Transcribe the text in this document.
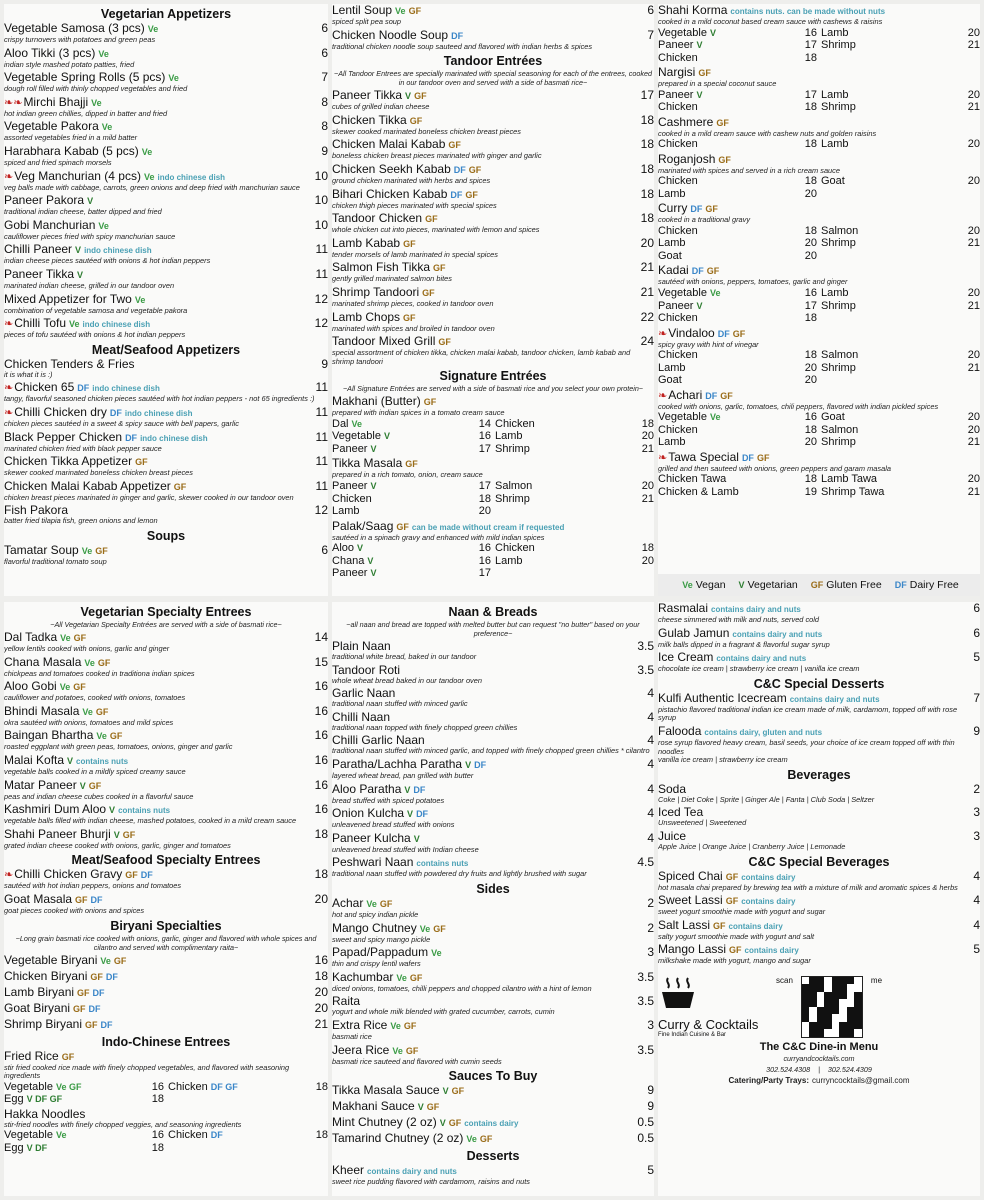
Vegetarian Appetizers
Vegetable Samosa (3 pcs) Ve	6
crispy turnovers with potatoes and green peas
Aloo Tikki (3 pcs) Ve	6
indian style mashed potato patties, fried
Vegetable Spring Rolls (5 pcs) Ve	7
dough roll filled with thinly chopped vegetables and fried
❧❧Mirchi Bhajji Ve	8
hot indian green chillies, dipped in batter and fried
Vegetable Pakora Ve	8
assorted vegetables fried in a mild batter
Harabhara Kabab (5 pcs) Ve	9
spiced and fried spinach morsels
❧Veg Manchurian (4 pcs) Ve indo chinese dish	10
veg balls made with cabbage, carrots, green onions and deep fried with manchurian sauce
Paneer Pakora V	10
traditional indian cheese, batter dipped and fried
Gobi Manchurian Ve	10
cauliflower pieces fried with spicy manchurian sauce
Chilli Paneer V indo chinese dish	11
indian cheese pieces sautéed with onions & hot indian peppers
Paneer Tikka V	11
marinated indian cheese, grilled in our tandoor oven
Mixed Appetizer for Two Ve	12
combination of vegetable samosa and vegetable pakora
❧Chilli Tofu Ve indo chinese dish	12
pieces of tofu sautéed with onions & hot indian peppers
Meat/Seafood Appetizers
Chicken Tenders & Fries	9
it is what it is :)
❧Chicken 65 DF indo chinese dish	11
tangy, flavorful seasoned chicken pieces sautéed with hot indian peppers - not 65 ingredients :)
❧Chilli Chicken dry DF indo chinese dish	11
chicken pieces sautéed in a sweet & spicy sauce with bell papers, garlic
Black Pepper Chicken DF indo chinese dish	11
marinated chicken fried with black pepper sauce
Chicken Tikka Appetizer GF	11
skewer cooked marinated boneless chicken breast pieces
Chicken Malai Kabab Appetizer GF	11
chicken breast pieces marinated in ginger and garlic, skewer cooked in our tandoor oven
Fish Pakora	12
batter fried tilapia fish, green onions and lemon
Soups
Tamatar Soup Ve GF	6
flavorful traditional tomato soup
Lentil Soup Ve GF	6
spiced split pea soup
Chicken Noodle Soup DF	7
traditional chicken noodle soup sauteed and flavored with indian herbs & spices
Tandoor Entrées
~All Tandoor Entrees are specially marinated with special seasoning for each of the entrees, cooked in our tandoor oven and served with a side of basmati rice~
Paneer Tikka V GF	17
cubes of grilled indian cheese
Chicken Tikka GF	18
skewer cooked marinated boneless chicken breast pieces
Chicken Malai Kabab GF	18
boneless chicken breast pieces marinated with ginger and garlic
Chicken Seekh Kabab DF GF	18
ground chicken marinated with herbs and spices
Bihari Chicken Kabab DF GF	18
chicken thigh pieces marinated with special spices
Tandoor Chicken GF	18
whole chicken cut into pieces, marinated with lemon and spices
Lamb Kabab GF	20
tender morsels of lamb marinated in special spices
Salmon Fish Tikka GF	21
gently grilled marinated salmon bites
Shrimp Tandoori GF	21
marinated shrimp pieces, cooked in tandoor oven
Lamb Chops GF	22
marinated with spices and broiled in tandoor oven
Tandoor Mixed Grill GF	24
special assortment of chicken tikka, chicken malai kabab, tandoor chicken, lamb kabab and shrimp tandoori
Signature Entrées
~All Signature Entrées are served with a side of basmati rice and you select your own protein~
Makhani (Butter) GF
prepared with indian spices in a tomato cream sauce
Dal Ve	14 Chicken	18
Vegetable V	16 Lamb	20
Paneer V	17 Shrimp	21
Tikka Masala GF
prepared in a rich tomato, onion, cream sauce
Paneer V	17 Salmon	20
Chicken	18 Shrimp	21
Lamb	20
Palak/Saag GF can be made without cream if requested
sautéed in a spinach gravy and enhanced with mild indian spices
Aloo V	16 Chicken	18
Chana V	16 Lamb	20
Paneer V	17
Shahi Korma contains nuts. can be made without nuts
cooked in a mild coconut based cream sauce with cashews & raisins
Vegetable V	16 Lamb	20
Paneer V	17 Shrimp	21
Chicken	18
Nargisi GF
prepared in a special coconut sauce
Paneer V	17 Lamb	20
Chicken	18 Shrimp	21
Cashmere GF
cooked in a mild cream sauce with cashew nuts and golden raisins
Chicken	18 Lamb	20
Roganjosh GF
marinated with spices and served in a rich cream sauce
Chicken	18 Goat	20
Lamb	20
Curry DF GF
cooked in a traditional gravy
Chicken	18 Salmon	20
Lamb	20 Shrimp	21
Goat	20
Kadai DF GF
sautéed with onions, peppers, tomatoes, garlic and ginger
Vegetable Ve	16 Lamb	20
Paneer V	17 Shrimp	21
Chicken	18
❧Vindaloo DF GF
spicy gravy with hint of vinegar
Chicken	18 Salmon	20
Lamb	20 Shrimp	21
Goat	20
❧Achari DF GF
cooked with onions, garlic, tomatoes, chili peppers, flavored with indian pickled spices
Vegetable Ve	16 Goat	20
Chicken	18 Salmon	20
Lamb	20 Shrimp	21
❧Tawa Special DF GF
grilled and then sauteed with onions, green peppers and garam masala
Chicken Tawa	18 Lamb Tawa	20
Chicken & Lamb	19 Shrimp Tawa	21
Ve Vegan	V Vegetarian	GF Gluten Free	DF Dairy Free
Vegetarian Specialty Entrees
~All Vegetarian Specialty Entrées are served with a side of basmati rice~
Dal Tadka Ve GF	14
yellow lentils cooked with onions, garlic and ginger
Chana Masala Ve GF	15
chickpeas and tomatoes cooked in traditiona indian spices
Aloo Gobi Ve GF	16
cauliflower and potatoes, cooked with onions, tomatoes
Bhindi Masala Ve GF	16
okra sautéed with onions, tomatoes and mild spices
Baingan Bhartha Ve GF	16
roasted eggplant with green peas, tomatoes, onions, ginger and garlic
Malai Kofta V contains nuts	16
vegetable balls cooked in a mildly spiced creamy sauce
Matar Paneer V GF	16
peas and indian cheese cubes cooked in a flavorful sauce
Kashmiri Dum Aloo V contains nuts	16
vegetable balls filled with indian cheese, mashed potatoes, cooked in a mild cream sauce
Shahi Paneer Bhurji V GF	18
grated indian cheese cooked with onions, garlic, ginger and tomatoes
Meat/Seafood Specialty Entrees
❧Chilli Chicken Gravy GF DF	18
sautéed with hot indian peppers, onions and tomatoes
Goat Masala GF DF	20
goat pieces cooked with onions and spices
Biryani Specialties
~Long grain basmati rice cooked with onions, garlic, ginger and flavored with whole spices and cilantro and served with complimentary raita~
Vegetable Biryani Ve GF	16
Chicken Biryani GF DF	18
Lamb Biryani GF DF	20
Goat Biryani GF DF	20
Shrimp Biryani GF DF	21
Indo-Chinese Entrees
Fried Rice GF
stir fried cooked rice made with finely chopped vegetables, and flavored with seasoning ingredients
Vegetable Ve GF	16 Chicken DF GF	18
Egg V DF GF	18
Hakka Noodles
stir-fried noodles with finely chopped veggies, and seasoning ingredients
Vegetable Ve	16 Chicken DF	18
Egg V DF	18
Naan & Breads
~all naan and bread are topped with melted butter but can request "no butter" based on your preference~
Plain Naan	3.5
traditional white bread, baked in our tandoor
Tandoor Roti	3.5
whole wheat bread baked in our tandoor oven
Garlic Naan	4
traditional naan stuffed with minced garlic
Chilli Naan	4
traditional naan topped with finely chopped green chillies
Chilli Garlic Naan	4
traditional naan stuffed with minced garlic, and topped with finely chopped green chillies * cilantro
Paratha/Lachha Paratha V DF	4
layered wheat bread, pan grilled with butter
Aloo Paratha V DF	4
bread stuffed with spiced potatoes
Onion Kulcha V DF	4
unleavened bread stuffed with onions
Paneer Kulcha V	4
unleavened bread stuffed with Indian cheese
Peshwari Naan contains nuts	4.5
traditional naan stuffed with powdered dry fruits and lightly brushed with sugar
Sides
Achar Ve GF	2
hot and spicy indian pickle
Mango Chutney Ve GF	2
sweet and spicy mango pickle
Papad/Pappadum Ve	3
thin and crispy lentil wafers
Kachumbar Ve GF	3.5
diced onions, tomatoes, chilli peppers and chopped cilantro with a hint of lemon
Raita	3.5
yogurt and whole milk blended with grated cucumber, carrots, cumin
Extra Rice Ve GF	3
basmati rice
Jeera Rice Ve GF	3.5
basmati rice sauteed and flavored with cumin seeds
Sauces To Buy
Tikka Masala Sauce V GF	9
Makhani Sauce V GF	9
Mint Chutney (2 oz) V GF contains dairy	0.5
Tamarind Chutney (2 oz) Ve GF	0.5
Desserts
Kheer contains dairy and nuts	5
sweet rice pudding flavored with cardamom, raisins and nuts
Rasmalai contains dairy and nuts	6
cheese simmered with milk and nuts, served cold
Gulab Jamun contains dairy and nuts	6
milk balls dipped in a fragrant & flavorful sugar syrup
Ice Cream contains dairy and nuts	5
chocolate ice cream | strawberry ice cream | vanilla ice cream
C&C Special Desserts
Kulfi Authentic Icecream contains dairy and nuts	7
pistachio flavored traditional indian ice cream made of milk, cardamom, topped off with rose syrup
Falooda contains dairy, gluten and nuts	9
rose syrup flavored heavy cream, basil seeds, your choice of ice cream topped off with thin noodles
vanilla ice cream | strawberry ice cream
Beverages
Soda	2
Coke | Diet Coke | Sprite | Ginger Ale | Fanta | Club Soda | Seltzer
Iced Tea	3
Unsweetened | Sweetened
Juice	3
Apple Juice | Orange Juice | Cranberry Juice | Lemonade
C&C Special Beverages
Spiced Chai GF contains dairy	4
hot masala chai prepared by brewing tea with a mixture of milk and aromatic spices & herbs
Sweet Lassi GF contains dairy	4
sweet yogurt smoothie made with yogurt and sugar
Salt Lassi GF contains dairy	4
salty yogurt smoothie made with yogurt and salt
Mango Lassi GF contains dairy	5
milkshake made with yogurt, mango and sugar
Curry & Cocktails
Fine Indian Cuisine & Bar
scan	me
The C&C Dine-in Menu
curryandcocktails.com
302.524.4308    |    302.524.4309
Catering/Party Trays: curryncocktails@gmail.com
